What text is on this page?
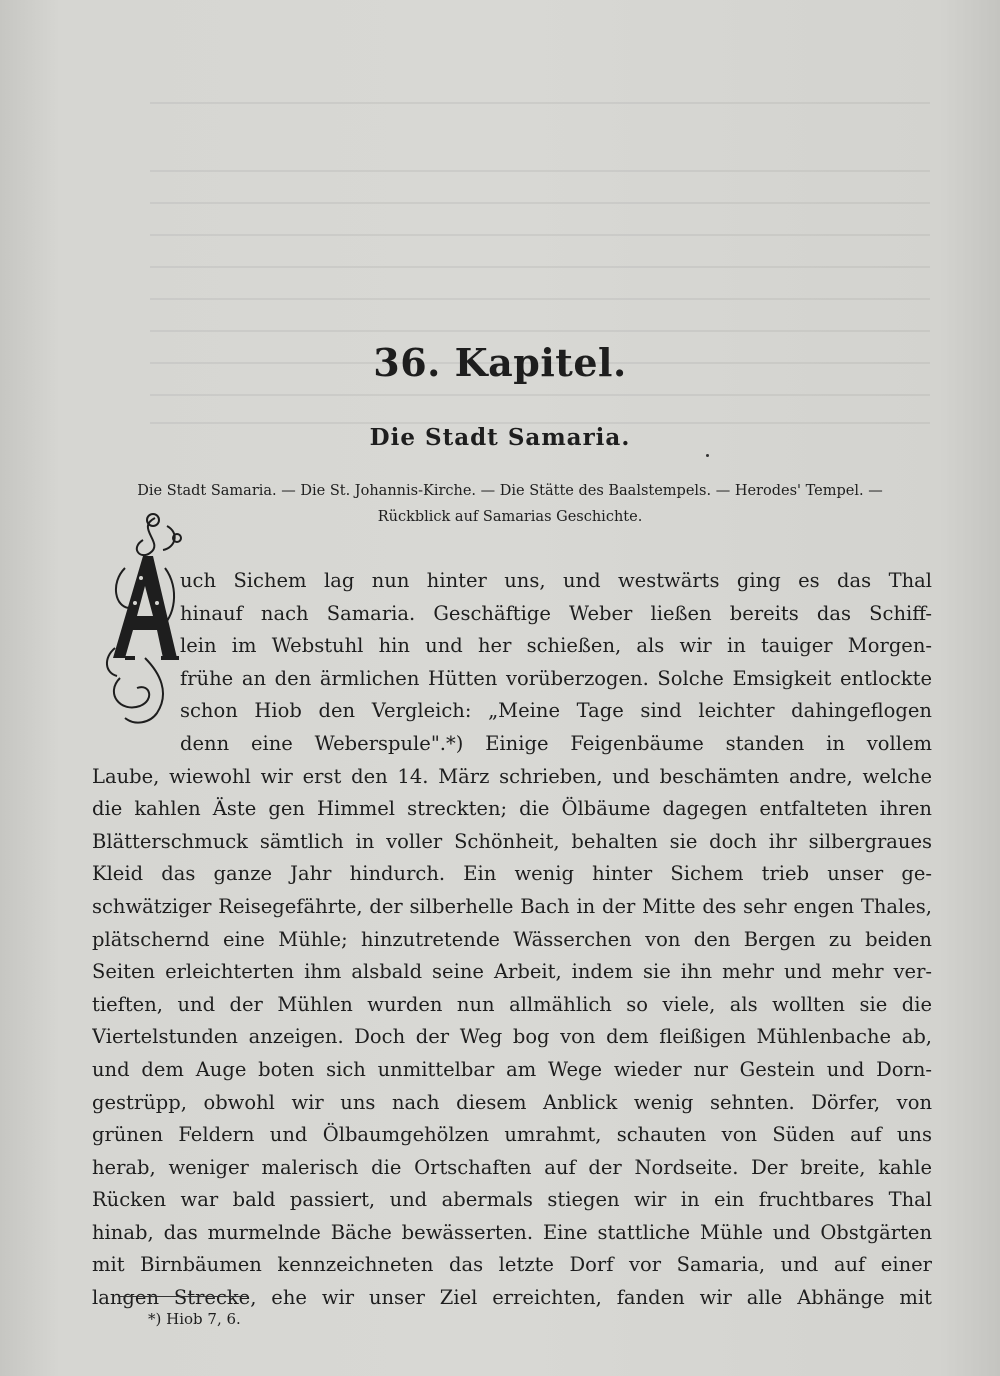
36. Kapitel.
Die Stadt Samaria.
Die Stadt Samaria. — Die St. Johannis-Kirche. — Die Stätte des Baalstempels. — Herodes' Tempel. —
Rückblick auf Samarias Geschichte.
uch Sichem lag nun hinter uns, und westwärts ging es das Thal
hinauf nach Samaria. Geschäftige Weber ließen bereits das Schiff-
lein im Webstuhl hin und her schießen, als wir in tauiger Morgen-
frühe an den ärmlichen Hütten vorüberzogen. Solche Emsigkeit entlockte
schon Hiob den Vergleich: „Meine Tage sind leichter dahingeflogen
denn eine Weberspule".*) Einige Feigenbäume standen in vollem
Laube, wiewohl wir erst den 14. März schrieben, und beschämten andre, welche
die kahlen Äste gen Himmel streckten; die Ölbäume dagegen entfalteten ihren
Blätterschmuck sämtlich in voller Schönheit, behalten sie doch ihr silbergraues
Kleid das ganze Jahr hindurch. Ein wenig hinter Sichem trieb unser ge-
schwätziger Reisegefährte, der silberhelle Bach in der Mitte des sehr engen Thales,
plätschernd eine Mühle; hinzutretende Wässerchen von den Bergen zu beiden
Seiten erleichterten ihm alsbald seine Arbeit, indem sie ihn mehr und mehr ver-
tieften, und der Mühlen wurden nun allmählich so viele, als wollten sie die
Viertelstunden anzeigen. Doch der Weg bog von dem fleißigen Mühlenbache ab,
und dem Auge boten sich unmittelbar am Wege wieder nur Gestein und Dorn-
gestrüpp, obwohl wir uns nach diesem Anblick wenig sehnten. Dörfer, von
grünen Feldern und Ölbaumgehölzen umrahmt, schauten von Süden auf uns
herab, weniger malerisch die Ortschaften auf der Nordseite. Der breite, kahle
Rücken war bald passiert, und abermals stiegen wir in ein fruchtbares Thal
hinab, das murmelnde Bäche bewässerten. Eine stattliche Mühle und Obstgärten
mit Birnbäumen kennzeichneten das letzte Dorf vor Samaria, und auf einer
langen Strecke, ehe wir unser Ziel erreichten, fanden wir alle Abhänge mit
*) Hiob 7, 6.
